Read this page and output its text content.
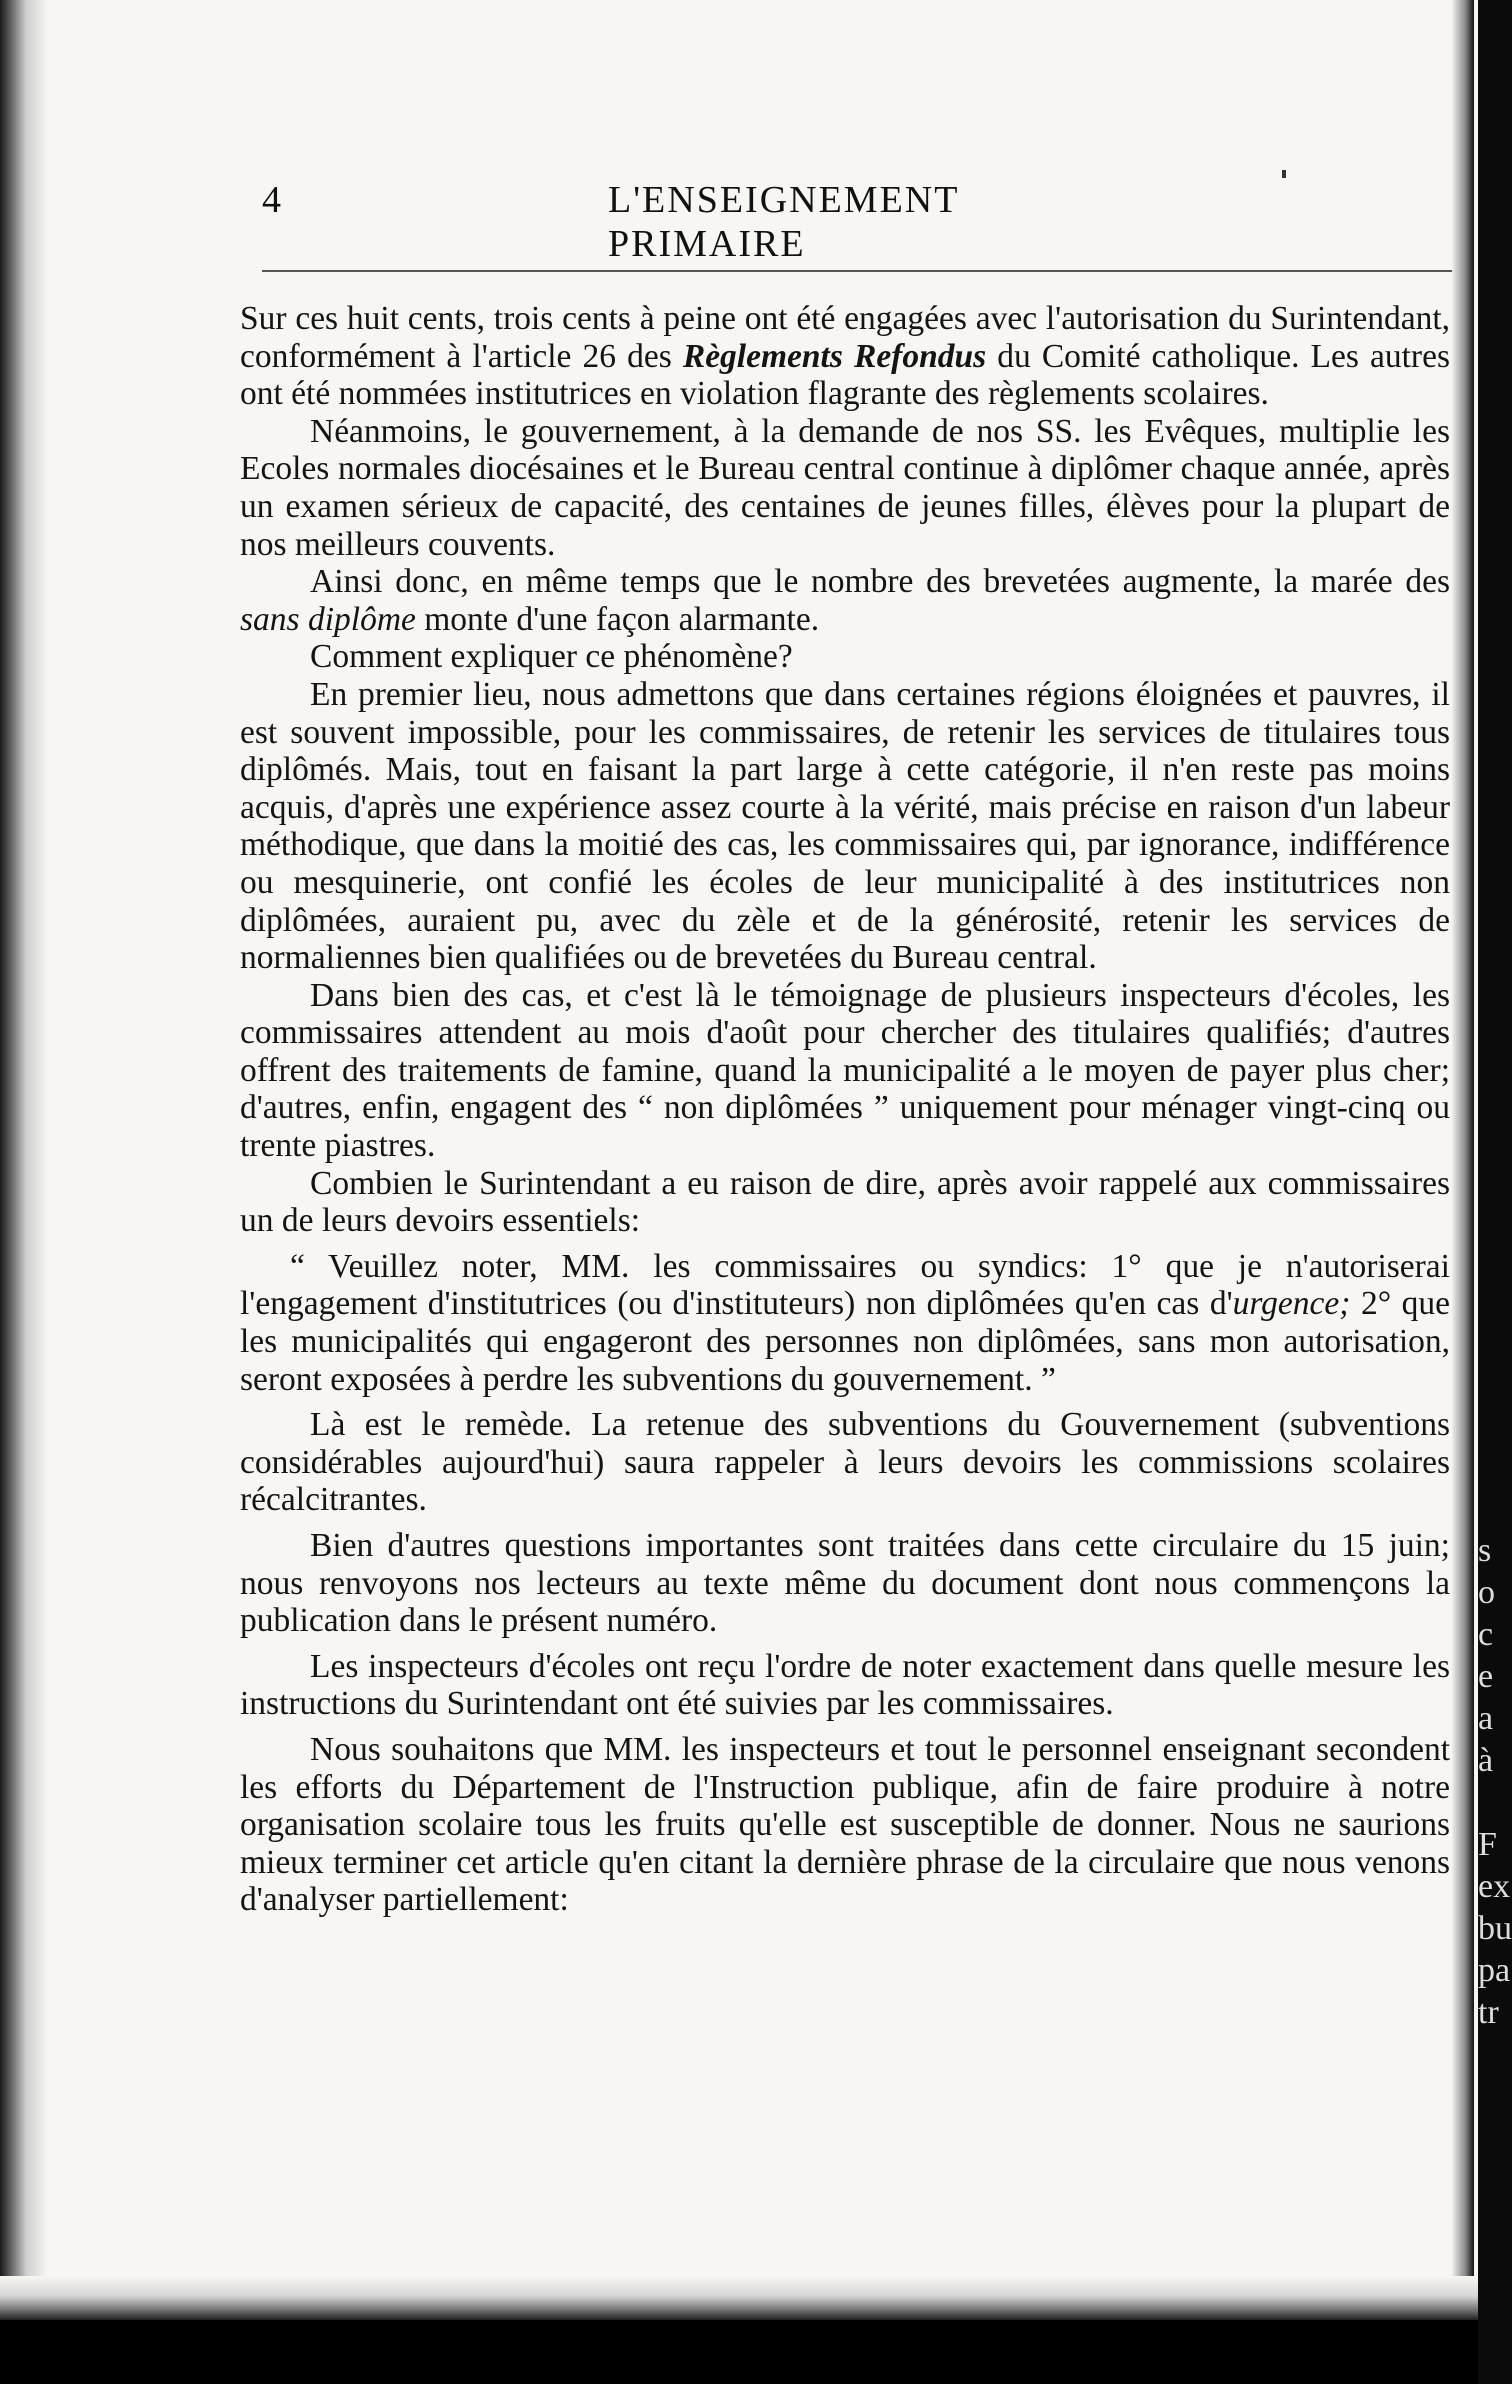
4	L'ENSEIGNEMENT PRIMAIRE

Sur ces huit cents, trois cents à peine ont été engagées avec l'autorisation du Surintendant, conformément à l'article 26 des Règlements Refondus du Comité catholique. Les autres ont été nommées institutrices en violation flagrante des règlements scolaires.

Néanmoins, le gouvernement, à la demande de nos SS. les Evêques, multiplie les Ecoles normales diocésaines et le Bureau central continue à diplômer chaque année, après un examen sérieux de capacité, des centaines de jeunes filles, élèves pour la plupart de nos meilleurs couvents.

Ainsi donc, en même temps que le nombre des brevetées augmente, la marée des sans diplôme monte d'une façon alarmante.

Comment expliquer ce phénomène?

En premier lieu, nous admettons que dans certaines régions éloignées et pauvres, il est souvent impossible, pour les commissaires, de retenir les services de titulaires tous diplômés. Mais, tout en faisant la part large à cette catégorie, il n'en reste pas moins acquis, d'après une expérience assez courte à la vérité, mais précise en raison d'un labeur méthodique, que dans la moitié des cas, les commissaires qui, par ignorance, indifférence ou mesquinerie, ont confié les écoles de leur municipalité à des institutrices non diplômées, auraient pu, avec du zèle et de la générosité, retenir les services de normaliennes bien qualifiées ou de brevetées du Bureau central.

Dans bien des cas, et c'est là le témoignage de plusieurs inspecteurs d'écoles, les commissaires attendent au mois d'août pour chercher des titulaires qualifiés; d'autres offrent des traitements de famine, quand la municipalité a le moyen de payer plus cher; d'autres, enfin, engagent des “ non diplômées ” uniquement pour ménager vingt-cinq ou trente piastres.

Combien le Surintendant a eu raison de dire, après avoir rappelé aux commissaires un de leurs devoirs essentiels:

“ Veuillez noter, MM. les commissaires ou syndics: 1° que je n'autoriserai l'engagement d'institutrices (ou d'instituteurs) non diplômées qu'en cas d'urgence; 2° que les municipalités qui engageront des personnes non diplômées, sans mon autorisation, seront exposées à perdre les subventions du gouvernement. ”

Là est le remède. La retenue des subventions du Gouvernement (subventions considérables aujourd'hui) saura rappeler à leurs devoirs les commissions scolaires récalcitrantes.

Bien d'autres questions importantes sont traitées dans cette circulaire du 15 juin; nous renvoyons nos lecteurs au texte même du document dont nous commençons la publication dans le présent numéro.

Les inspecteurs d'écoles ont reçu l'ordre de noter exactement dans quelle mesure les instructions du Surintendant ont été suivies par les commissaires.

Nous souhaitons que MM. les inspecteurs et tout le personnel enseignant secondent les efforts du Département de l'Instruction publique, afin de faire produire à notre organisation scolaire tous les fruits qu'elle est susceptible de donner. Nous ne saurions mieux terminer cet article qu'en citant la dernière phrase de la circulaire que nous venons d'analyser partiellement:

s
o
c
e
a
à
F
ex
bu
pa
tr
